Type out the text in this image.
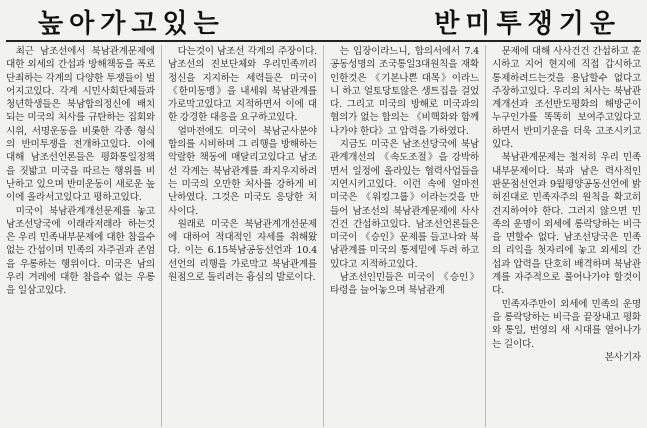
높아가고있는	반미투쟁기운

최근 남조선에서 북남관계문제에 대한 외세의 간섭과 방해책동을 폭로단죄하는 각계의 다양한 투쟁들이 벌어지고있다. 각계 시민사회단체들과 청년학생들은 북남합의정신에 배치되는 미국의 처사를 규탄하는 집회와 시위, 서명운동을 비롯한 각종 형식의 반미투쟁을 전개하고있다. 이에 대해 남조선언론들은 평화통일정책을 짓밟고 미국을 따르는 행위를 비난하고 있으며 반미운동이 새로운 높이에 올라서고있다고 평하고있다.

미국이 북남관계개선문제를 놓고 남조선당국에 이래라저래라 하는것은 우리 민족내부문제에 대한 참을수 없는 간섭이며 민족의 자주권과 존엄을 우롱하는 행위이다. 미국은 남의 우리 겨레에 대한 참을수 없는 우롱을 일삼고있다.

다는것이 남조선 각계의 주장이다. 남조선의 진보단체와 우리민족끼리정신을 지지하는 세력들은 미국이 《한미동맹》을 내세워 북남관계를 가로막고있다고 지적하면서 이에 대한 강경한 대응을 요구하고있다.

얼마전에도 미국이 북남군사분야합의를 시비하며 그 리행을 방해하는 악랄한 책동에 매달리고있다고 남조선 각계는 북남관계를 좌지우지하려는 미국의 오만한 처사를 강하게 비난하였다. 그것은 미국도 응당한 처사이다.

원래로 미국은 북남관계개선문제에 대하여 적대적인 자세를 취해왔다. 이는 6.15북남공동선언과 10.4선언의 리행을 가로막고 북남관계를 원점으로 돌리려는 흉심의 발로이다.

는 입장이라느니, 합의서에서 7.4공동성명의 조국통일3대원칙을 재확인한것은 《기본나쁜 대목》이라느니 하고 얼토당토않은 생트집을 걸었다. 그리고 미국의 방해로 미국과의 협의가 없는 합의는 《비핵화와 함께 나가야 한다》고 압력을 가하였다.

지금도 미국은 남조선당국에 북남관계개선의 《속도조절》을 강박하면서 일정에 올라있는 협력사업들을 지연시키고있다. 이런 속에 얼마전 미국은 《워킹그룹》이라는것을 만들어 남조선의 북남관계문제에 사사건건 간섭하고있다. 남조선언론들은 미국이 《승인》문제를 들고나와 북남관계를 미국의 통제밑에 두려 하고있다고 지적하고있다.

남조선인민들은 미국이 《승인》타령을 늘어놓으며 북남관계

문제에 대해 사사건건 간섭하고 훈시하고 지어 현지에 직접 갑시하고 통제하려드는것을 용납할수 없다고 주장하고있다. 우리의 처사는 북남관계개선과 조선반도평화의 해방군이 누구인가를 똑똑히 보여주고있다고 하면서 반미기운을 더욱 고조시키고있다.

북남관계문제는 철저히 우리 민족내부문제이다. 북과 남은 력사적인 판문점선언과 9월평양공동선언에 밝혀진대로 민족자주의 원칙을 확고히 견지하여야 한다. 그러지 않으면 민족의 운명이 외세에 롱락당하는 비극을 면할수 없다. 남조선당국은 민족의 리익을 첫자리에 놓고 외세의 간섭과 압력을 단호히 배격하며 북남관계를 자주적으로 풀어나가야 할것이다.

민족자주만이 외세에 민족의 운명을 롱락당하는 비극을 끝장내고 평화와 통일, 번영의 새 시대를 열어나가는 길이다.

본사기자
